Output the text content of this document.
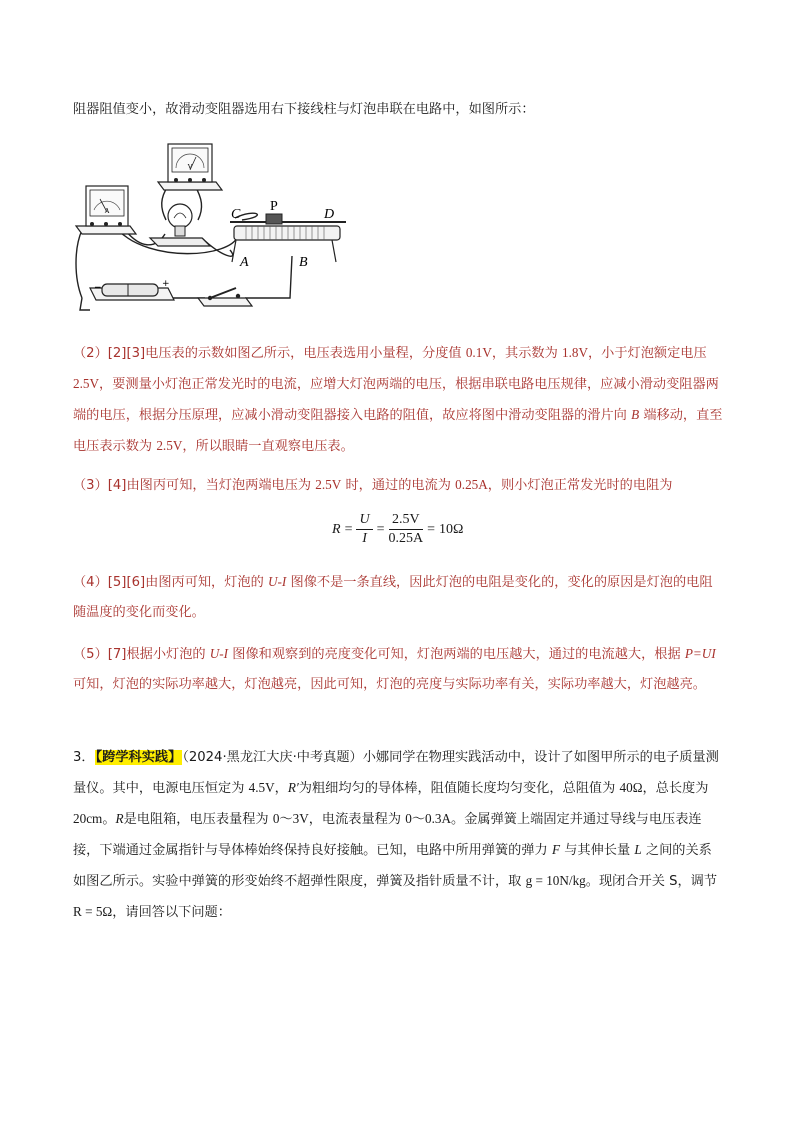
阻器阻值变小，故滑动变阻器选用右下接线柱与灯泡串联在电路中，如图所示：

A
V
C
P
D
A	B
−	+

（2）[2][3]电压表的示数如图乙所示，电压表选用小量程，分度值 0.1V，其示数为 1.8V，小于灯泡额定电压 2.5V，要测量小灯泡正常发光时的电流，应增大灯泡两端的电压，根据串联电路电压规律，应减小滑动变阻器两端的电压，根据分压原理，应减小滑动变阻器接入电路的阻值，故应将图中滑动变阻器的滑片向 B 端移动，直至电压表示数为 2.5V，所以眼睛一直观察电压表。

（3）[4]由图丙可知，当灯泡两端电压为 2.5V 时，通过的电流为 0.25A，则小灯泡正常发光时的电阻为

$R = \frac{U}{I} = \frac{2.5V}{0.25A} = 10\Omega$

（4）[5][6]由图丙可知，灯泡的 U-I 图像不是一条直线，因此灯泡的电阻是变化的，变化的原因是灯泡的电阻随温度的变化而变化。

（5）[7]根据小灯泡的 U-I 图像和观察到的亮度变化可知，灯泡两端的电压越大，通过的电流越大，根据 P=UI 可知，灯泡的实际功率越大，灯泡越亮，因此可知，灯泡的亮度与实际功率有关，实际功率越大，灯泡越亮。

3．【跨学科实践】（2024·黑龙江大庆·中考真题）小娜同学在物理实践活动中，设计了如图甲所示的电子质量测量仪。其中，电源电压恒定为 4.5V，R′为粗细均匀的导体棒，阻值随长度均匀变化，总阻值为 40Ω，总长度为 20cm。R是电阻箱，电压表量程为 0～3V，电流表量程为 0～0.3A。金属弹簧上端固定并通过导线与电压表连接，下端通过金属指针与导体棒始终保持良好接触。已知，电路中所用弹簧的弹力 F 与其伸长量 L 之间的关系如图乙所示。实验中弹簧的形变始终不超弹性限度，弹簧及指针质量不计，取 g = 10N/kg。现闭合开关 S，调节 R = 5Ω，请回答以下问题：
